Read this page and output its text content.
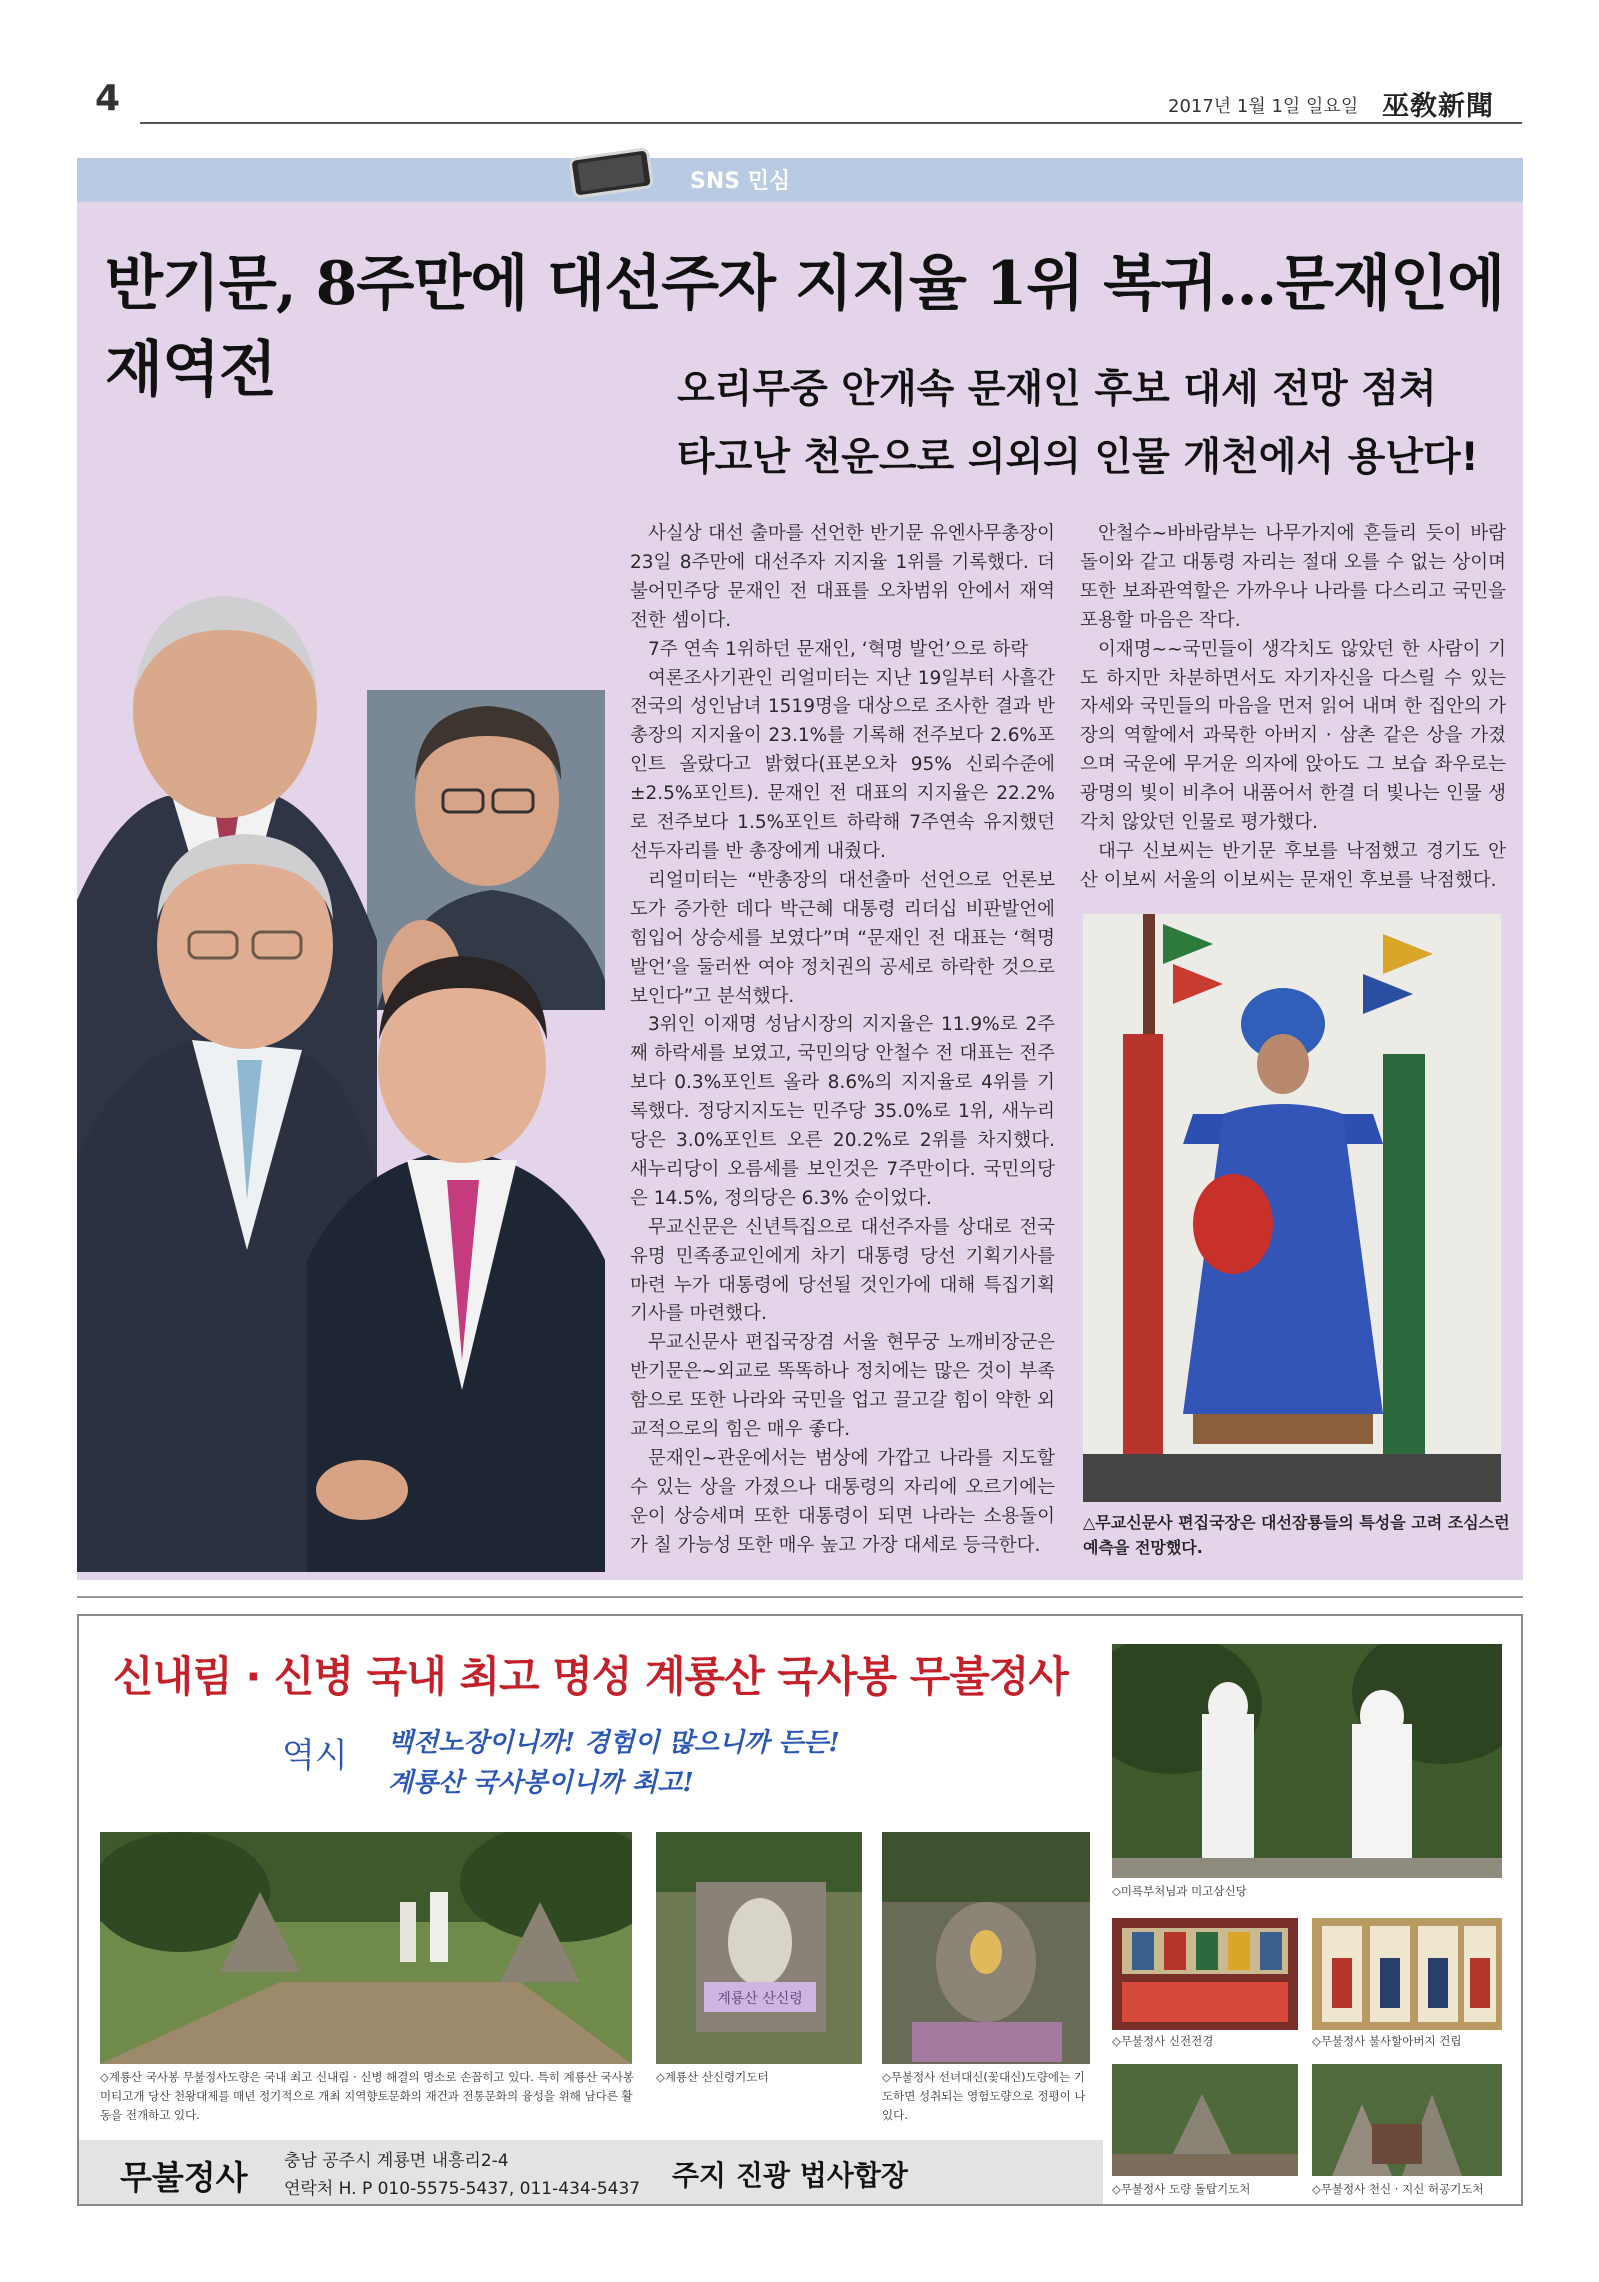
4	2017년 1월 1일 일요일 巫敎新聞
SNS 민심
반기문, 8주만에 대선주자 지지율 1위 복귀…문재인에 재역전	오리무중 안개속 문재인 후보 대세 전망 점쳐
타고난 천운으로 의외의 인물 개천에서 용난다!

사실상 대선 출마를 선언한 반기문 유엔사무총장이 23일 8주만에 대선주자 지지율 1위를 기록했다. 더불어민주당 문재인 전 대표를 오차범위 안에서 재역전한 셈이다.

7주 연속 1위하던 문재인, ‘혁명 발언’으로 하락

여론조사기관인 리얼미터는 지난 19일부터 사흘간 전국의 성인남녀 1519명을 대상으로 조사한 결과 반 총장의 지지율이 23.1%를 기록해 전주보다 2.6%포인트 올랐다고 밝혔다(표본오차 95% 신뢰수준에 ±2.5%포인트). 문재인 전 대표의 지지율은 22.2%로 전주보다 1.5%포인트 하락해 7주연속 유지했던 선두자리를 반 총장에게 내줬다.

리얼미터는 “반총장의 대선출마 선언으로 언론보도가 증가한 데다 박근혜 대통령 리더십 비판발언에 힘입어 상승세를 보였다”며 “문재인 전 대표는 ‘혁명발언’을 둘러싼 여야 정치권의 공세로 하락한 것으로 보인다”고 분석했다.

3위인 이재명 성남시장의 지지율은 11.9%로 2주째 하락세를 보였고, 국민의당 안철수 전 대표는 전주보다 0.3%포인트 올라 8.6%의 지지율로 4위를 기록했다. 정당지지도는 민주당 35.0%로 1위, 새누리당은 3.0%포인트 오른 20.2%로 2위를 차지했다. 새누리당이 오름세를 보인것은 7주만이다. 국민의당은 14.5%, 정의당은 6.3% 순이었다.

무교신문은 신년특집으로 대선주자를 상대로 전국유명 민족종교인에게 차기 대통령 당선 기획기사를 마련 누가 대통령에 당선될 것인가에 대해 특집기획 기사를 마련했다.

무교신문사 편집국장겸 서울 현무궁 노깨비장군은 반기문은~외교로 똑똑하나 정치에는 많은 것이 부족함으로 또한 나라와 국민을 업고 끌고갈 힘이 약한 외교적으로의 힘은 매우 좋다.

문재인~관운에서는 범상에 가깝고 나라를 지도할 수 있는 상을 가졌으나 대통령의 자리에 오르기에는 운이 상승세며 또한 대통령이 되면 나라는 소용돌이가 칠 가능성 또한 매우 높고 가장 대세로 등극한다.

안철수~바바람부는 나무가지에 흔들리 듯이 바람돌이와 같고 대통령 자리는 절대 오를 수 없는 상이며 또한 보좌관역할은 가까우나 나라를 다스리고 국민을 포용할 마음은 작다.

이재명~~국민들이 생각치도 않았던 한 사람이 기도 하지만 차분하면서도 자기자신을 다스릴 수 있는 자세와 국민들의 마음을 먼저 읽어 내며 한 집안의 가장의 역할에서 과묵한 아버지 · 삼촌 같은 상을 가졌으며 국운에 무거운 의자에 앉아도 그 보습 좌우로는 광명의 빛이 비추어 내품어서 한결 더 빛나는 인물 생각치 않았던 인물로 평가했다.

대구 신보씨는 반기문 후보를 낙점했고 경기도 안산 이보씨 서울의 이보씨는 문재인 후보를 낙점했다.

△무교신문사 편집국장은 대선잠룡들의 특성을 고려 조심스런 예측을 전망했다.
신내림 · 신병 국내 최고 명성 계룡산 국사봉 무불정사
역시 백전노장이니까! 경험이 많으니까 든든!
계룡산 국사봉이니까 최고!
◇계룡산 국사봉 무불정사도량은 국내 최고 신내림 · 신병 해결의 명소로 손꼽히고 있다. 특히 계룡산 국사봉 미티고개 당산 천왕대제를 매년 정기적으로 개최 지역향토문화의 재건과 전통문화의 융성을 위해 남다른 활동을 전개하고 있다.
계룡산 산신령
◇계룡산 산신령기도터	◇무불정사 선녀대신(꽃대신)도량에는 기도하면 성취되는 영험도량으로 정평이 나있다.
◇미륵부처님과 미고삼신당
◇무불정사 신전전경	◇무불정사 불사할아버지 건립
◇무불정사 도량 돌탑기도처	◇무불정사 천신 · 지신 허공기도처
무불정사 충남 공주시 계룡면 내흥리2-4
연락처 H. P 010-5575-5437, 011-434-5437 주지 진광 법사합장
